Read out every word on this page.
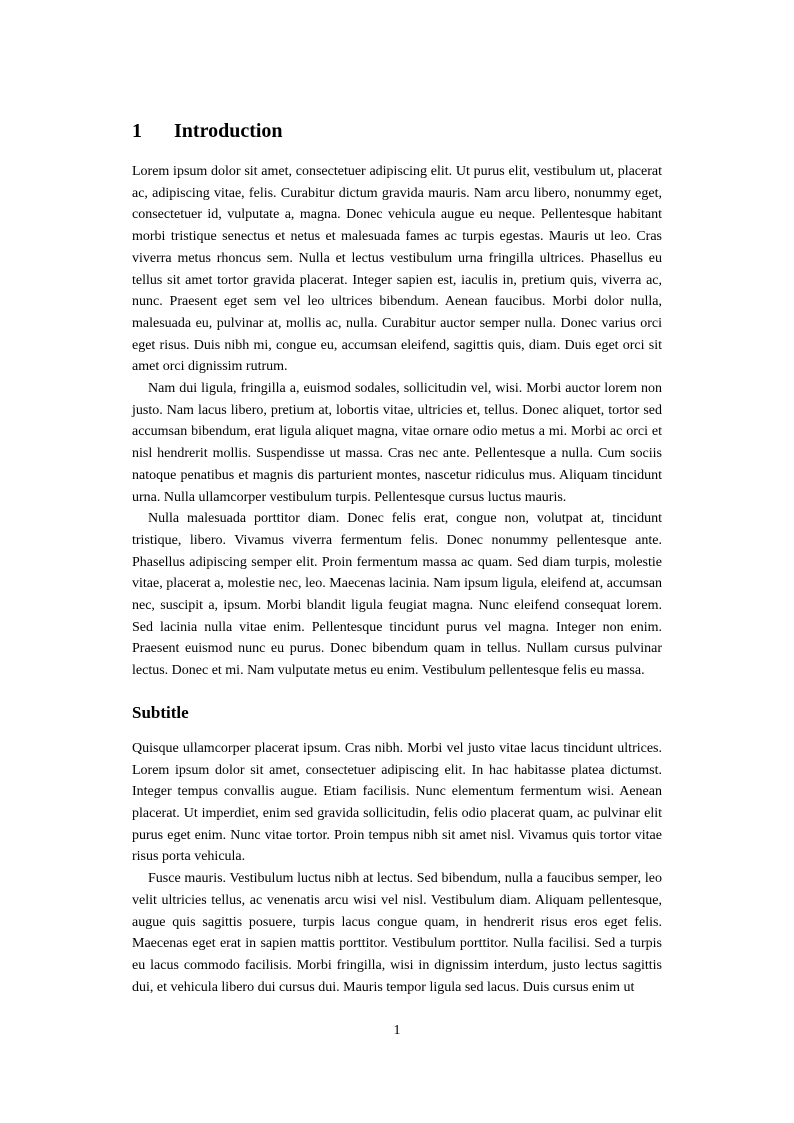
1 Introduction

Lorem ipsum dolor sit amet, consectetuer adipiscing elit. Ut purus elit, vestibulum ut, placerat ac, adipiscing vitae, felis. Curabitur dictum gravida mauris. Nam arcu libero, nonummy eget, consectetuer id, vulputate a, magna. Donec vehicula augue eu neque. Pellentesque habitant morbi tristique senectus et netus et malesuada fames ac turpis egestas. Mauris ut leo. Cras viverra metus rhoncus sem. Nulla et lectus vestibulum urna fringilla ultrices. Phasellus eu tellus sit amet tortor gravida placerat. Integer sapien est, iaculis in, pretium quis, viverra ac, nunc. Praesent eget sem vel leo ultrices bibendum. Aenean faucibus. Morbi dolor nulla, malesuada eu, pulvinar at, mollis ac, nulla. Curabitur auctor semper nulla. Donec varius orci eget risus. Duis nibh mi, congue eu, accumsan eleifend, sagittis quis, diam. Duis eget orci sit amet orci dignissim rutrum.

Nam dui ligula, fringilla a, euismod sodales, sollicitudin vel, wisi. Morbi auctor lorem non justo. Nam lacus libero, pretium at, lobortis vitae, ultricies et, tellus. Donec aliquet, tortor sed accumsan bibendum, erat ligula aliquet magna, vitae ornare odio metus a mi. Morbi ac orci et nisl hendrerit mollis. Suspendisse ut massa. Cras nec ante. Pellentesque a nulla. Cum sociis natoque penatibus et magnis dis parturient montes, nascetur ridiculus mus. Aliquam tincidunt urna. Nulla ullamcorper vestibulum turpis. Pellentesque cursus luctus mauris.

Nulla malesuada porttitor diam. Donec felis erat, congue non, volutpat at, tincidunt tristique, libero. Vivamus viverra fermentum felis. Donec nonummy pellentesque ante. Phasellus adipiscing semper elit. Proin fermentum massa ac quam. Sed diam turpis, molestie vitae, placerat a, molestie nec, leo. Maecenas lacinia. Nam ipsum ligula, eleifend at, accumsan nec, suscipit a, ipsum. Morbi blandit ligula feugiat magna. Nunc eleifend consequat lorem. Sed lacinia nulla vitae enim. Pellentesque tincidunt purus vel magna. Integer non enim. Praesent euismod nunc eu purus. Donec bibendum quam in tellus. Nullam cursus pulvinar lectus. Donec et mi. Nam vulputate metus eu enim. Vestibulum pellentesque felis eu massa.

Subtitle

Quisque ullamcorper placerat ipsum. Cras nibh. Morbi vel justo vitae lacus tincidunt ultrices. Lorem ipsum dolor sit amet, consectetuer adipiscing elit. In hac habitasse platea dictumst. Integer tempus convallis augue. Etiam facilisis. Nunc elementum fermentum wisi. Aenean placerat. Ut imperdiet, enim sed gravida sollicitudin, felis odio placerat quam, ac pulvinar elit purus eget enim. Nunc vitae tortor. Proin tempus nibh sit amet nisl. Vivamus quis tortor vitae risus porta vehicula.

Fusce mauris. Vestibulum luctus nibh at lectus. Sed bibendum, nulla a faucibus semper, leo velit ultricies tellus, ac venenatis arcu wisi vel nisl. Vestibulum diam. Aliquam pellentesque, augue quis sagittis posuere, turpis lacus congue quam, in hendrerit risus eros eget felis. Maecenas eget erat in sapien mattis porttitor. Vestibulum porttitor. Nulla facilisi. Sed a turpis eu lacus commodo facilisis. Morbi fringilla, wisi in dignissim interdum, justo lectus sagittis dui, et vehicula libero dui cursus dui. Mauris tempor ligula sed lacus. Duis cursus enim ut

1
